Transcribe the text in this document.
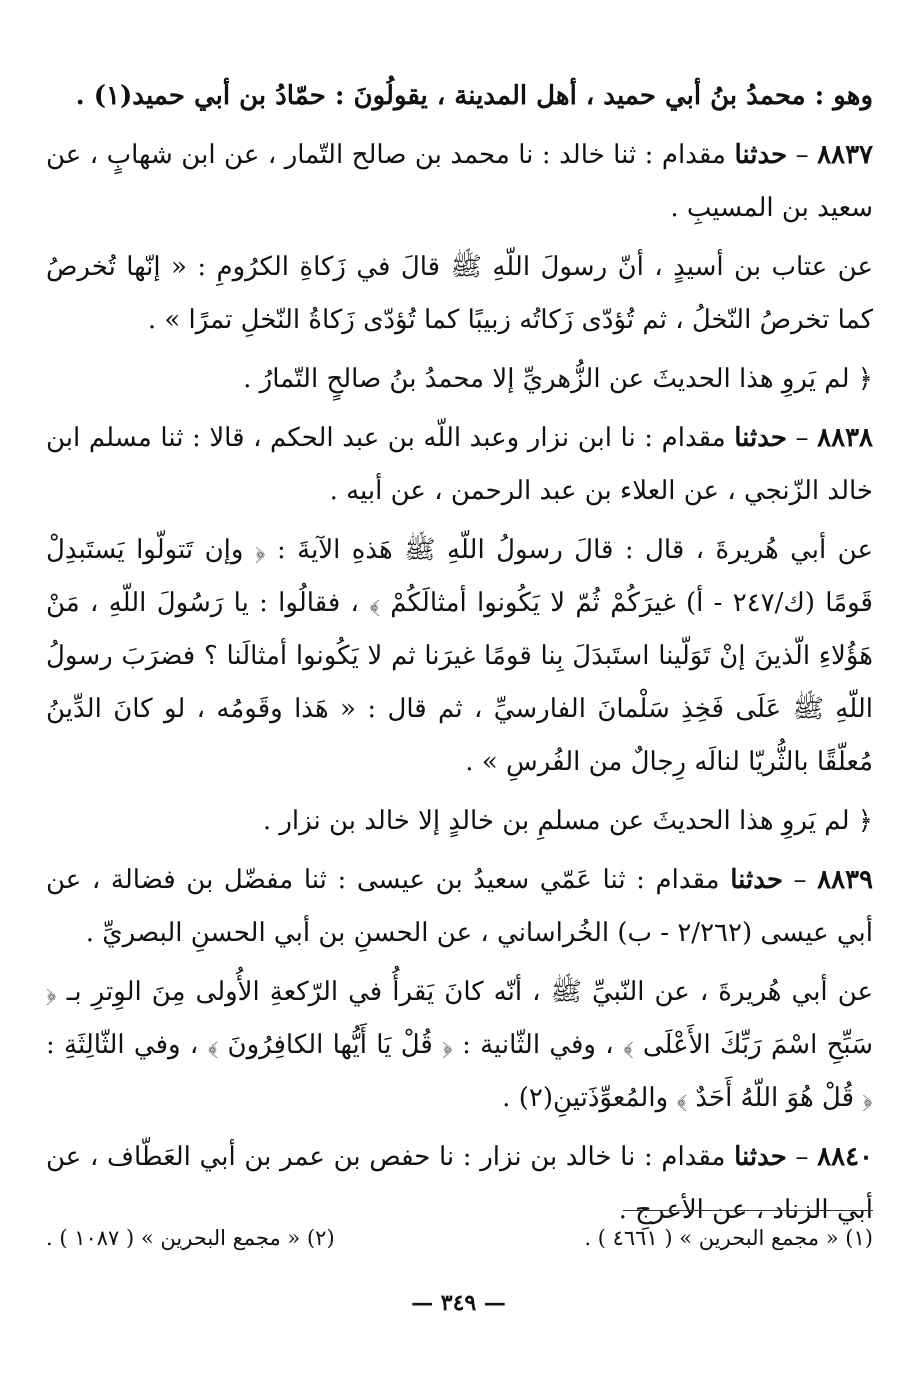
وهو : محمدُ بنُ أبي حميد ، أهل المدينة ، يقولُونَ : حمّادُ بن أبي حميد(١) .

٨٨٣٧ – حدثنا مقدام : ثنا خالد : نا محمد بن صالح التّمار ، عن ابن شهابٍ ، عن سعيد بن المسيبِ .

عن عتاب بن أسيدٍ ، أنّ رسولَ اللّهِ ﷺ قالَ في زَكاةِ الكرُومِ : « إنّها تُخرصُ كما تخرصُ النّخلُ ، ثم تُؤدّى زَكاتُه زبيبًا كما تُؤدّى زَكاةُ النّخلِ تمرًا » .

﴿ لم يَروِ هذا الحديثَ عن الزُّهريِّ إلا محمدُ بنُ صالحٍ التّمارُ .

٨٨٣٨ – حدثنا مقدام : نا ابن نزار وعبد اللّه بن عبد الحكم ، قالا : ثنا مسلم ابن خالد الزّنجي ، عن العلاء بن عبد الرحمن ، عن أبيه .

عن أبي هُريرةَ ، قال : قالَ رسولُ اللّهِ ﷺ هَذهِ الآيةَ : ﴿ وإن تَتولّوا يَستَبدِلْ قَومًا (ك/٢٤٧ - أ) غيرَكُمْ ثُمّ لا يَكُونوا أمثالَكُمْ ﴾ ، فقالُوا : يا رَسُولَ اللّهِ ، مَنْ هَؤُلاءِ الّذينَ إنْ تَوَلّينا استَبدَلَ بِنا قومًا غيرَنا ثم لا يَكُونوا أمثالَنا ؟ فضرَبَ رسولُ اللّهِ ﷺ عَلَى فَخِذِ سَلْمانَ الفارسيِّ ، ثم قال : « هَذا وقَومُه ، لو كانَ الدِّينُ مُعلّقًا بالثُّريّا لنالَه رِجالٌ من الفُرسِ » .

﴿ لم يَروِ هذا الحديثَ عن مسلمِ بن خالدٍ إلا خالد بن نزار .

٨٨٣٩ – حدثنا مقدام : ثنا عَمّي سعيدُ بن عيسى : ثنا مفضّل بن فضالة ، عن أبي عيسى (٢/٢٦٢ - ب) الخُراساني ، عن الحسنِ بن أبي الحسنِ البصريِّ .

عن أبي هُريرةَ ، عن النّبيِّ ﷺ ، أنّه كانَ يَقرأُ في الرّكعةِ الأُولى مِنَ الوِترِ بـ ﴿ سَبِّحِ اسْمَ رَبِّكَ الأَعْلَى ﴾ ، وفي الثّانية : ﴿ قُلْ يَا أَيُّها الكافِرُونَ ﴾ ، وفي الثّالِثَةِ : ﴿ قُلْ هُوَ اللّهُ أَحَدٌ ﴾ والمُعوِّذَتينِ(٢) .

٨٨٤٠ – حدثنا مقدام : نا خالد بن نزار : نا حفص بن عمر بن أبي العَطّاف ، عن أبي الزناد ، عن الأعرجِ .

(١) « مجمع البحرين » ( ٤٦٦١ ) .
(٢) « مجمع البحرين » ( ١٠٨٧ ) .
— ٣٤٩ —
